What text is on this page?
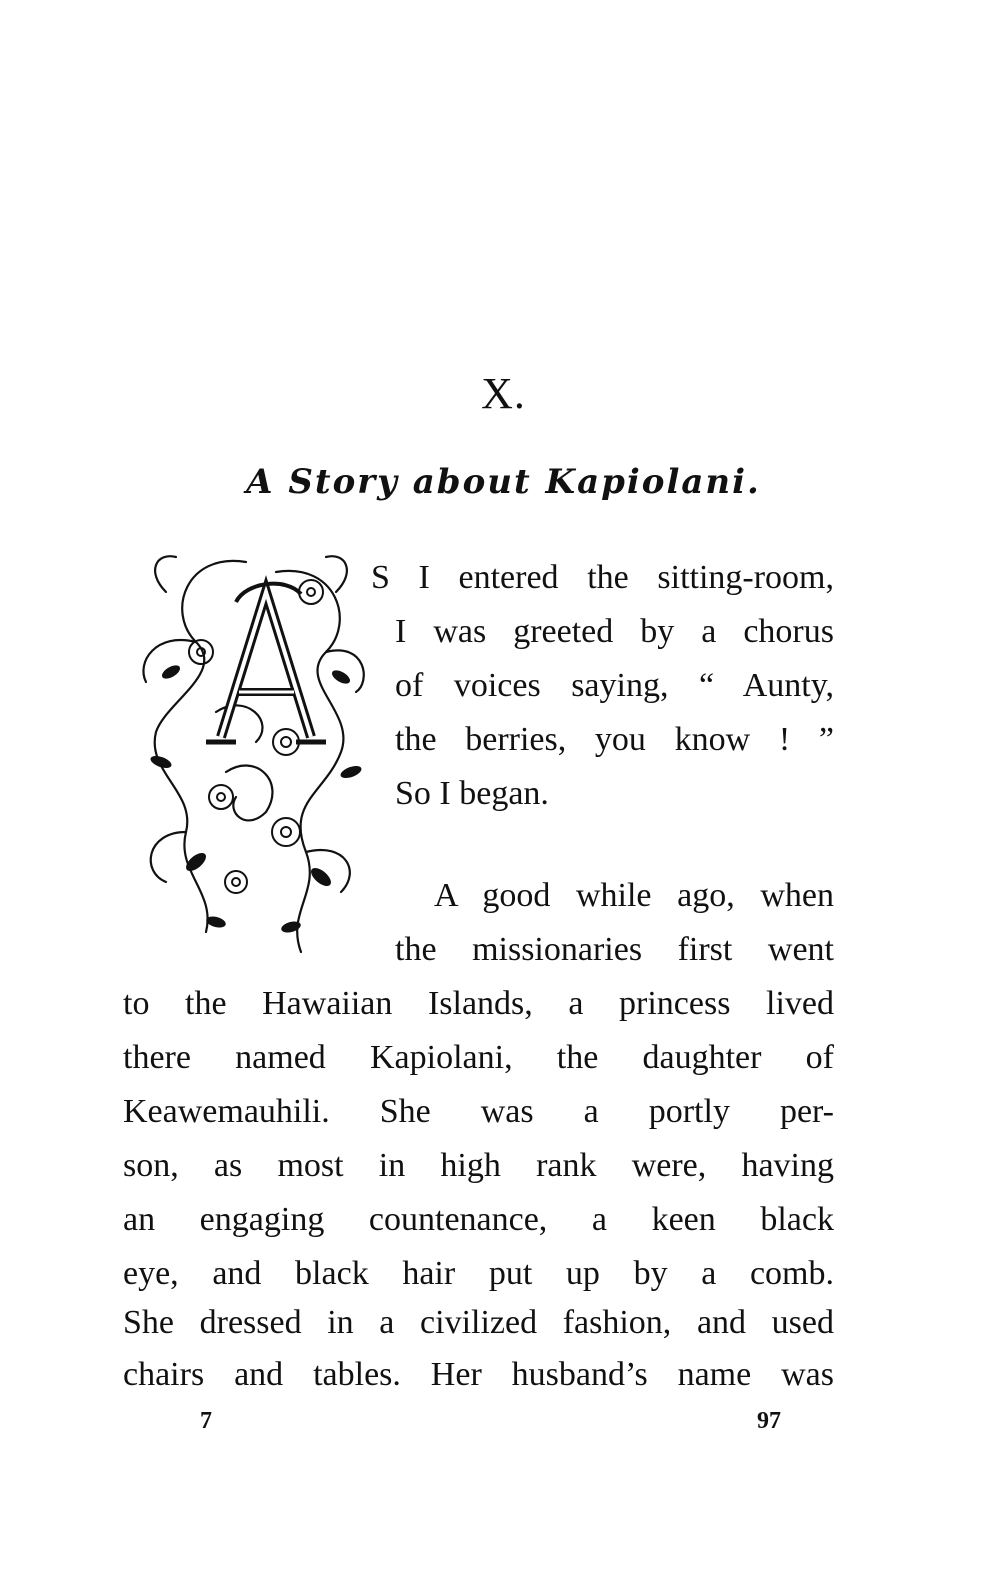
X.
A Story about Kapiolani.
S I entered the sitting-room,
I was greeted by a chorus
of voices saying, “ Aunty,
the berries, you know ! ”
So I began.
A good while ago, when
the missionaries first went
to the Hawaiian Islands, a princess lived
there named Kapiolani, the daughter of
Keawemauhili. She was a portly per-
son, as most in high rank were, having
an engaging countenance, a keen black
eye, and black hair put up by a comb.
She dressed in a civilized fashion, and used
chairs and tables. Her husband’s name was
7	97
